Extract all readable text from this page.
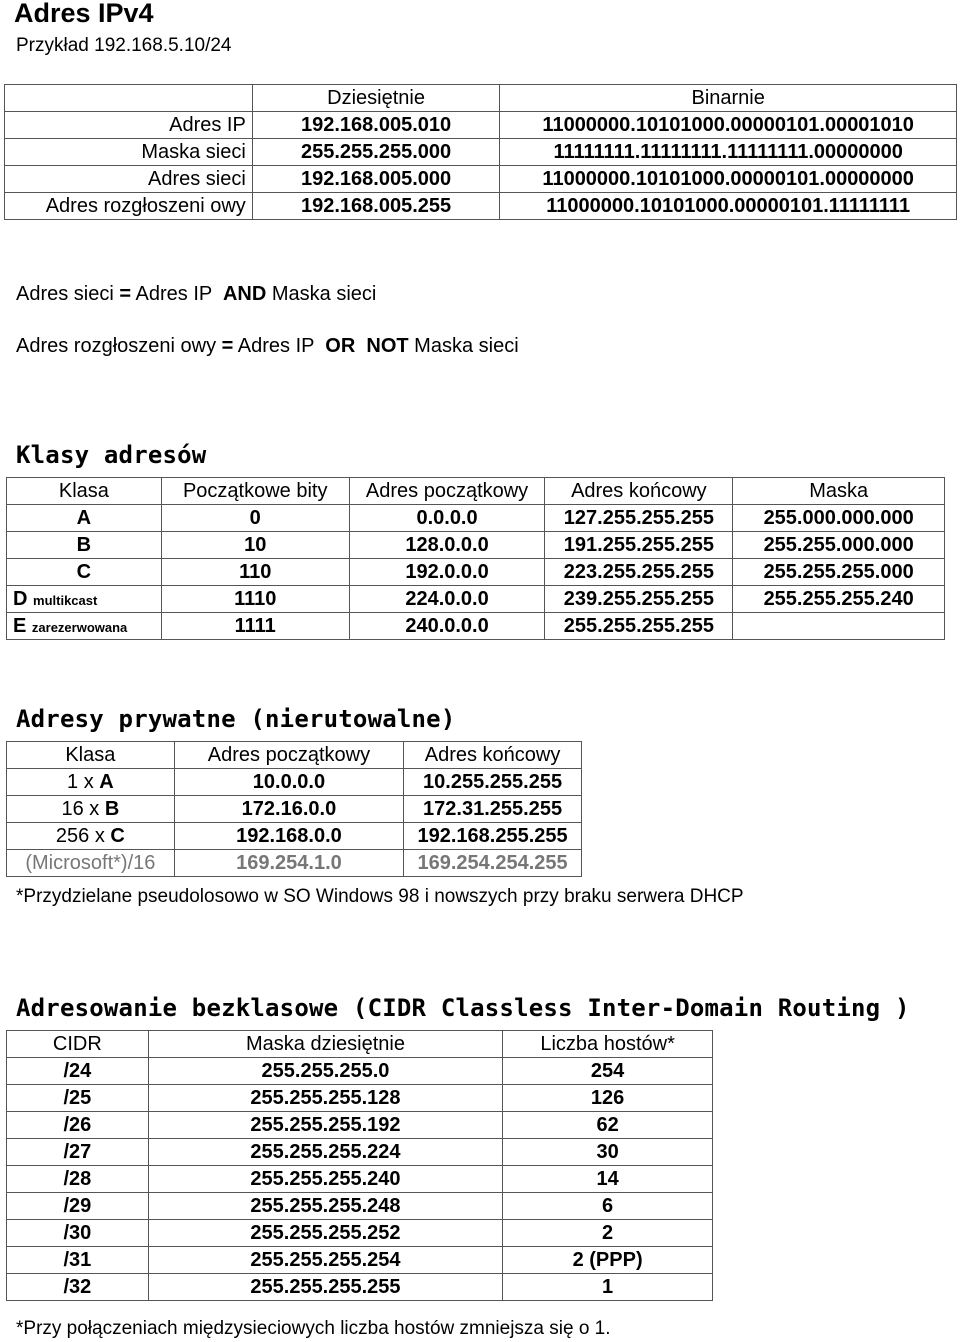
Adres IPv4
Przykład 192.168.5.10/24
	Dziesiętnie	Binarnie
Adres IP	192.168.005.010	11000000.10101000.00000101.00001010
Maska sieci	255.255.255.000	11111111.11111111.11111111.00000000
Adres sieci	192.168.005.000	11000000.10101000.00000101.00000000
Adres rozgłoszeni owy	192.168.005.255	11000000.10101000.00000101.11111111
Adres sieci = Adres IP AND Maska sieci
Adres rozgłoszeni owy = Adres IP OR NOT Maska sieci
Klasy adresów
Klasa	Początkowe bity	Adres początkowy	Adres końcowy	Maska
A	0	0.0.0.0	127.255.255.255	255.000.000.000
B	10	128.0.0.0	191.255.255.255	255.255.000.000
C	110	192.0.0.0	223.255.255.255	255.255.255.000
D multikcast	1110	224.0.0.0	239.255.255.255	255.255.255.240
E zarezerwowana	1111	240.0.0.0	255.255.255.255	
Adresy prywatne (nierutowalne)
Klasa	Adres początkowy	Adres końcowy
1 x A	10.0.0.0	10.255.255.255
16 x B	172.16.0.0	172.31.255.255
256 x C	192.168.0.0	192.168.255.255
(Microsoft*)/16	169.254.1.0	169.254.254.255
*Przydzielane pseudolosowo w SO Windows 98 i nowszych przy braku serwera DHCP
Adresowanie bezklasowe (CIDR Classless Inter-Domain Routing )
CIDR	Maska dziesiętnie	Liczba hostów*
/24	255.255.255.0	254
/25	255.255.255.128	126
/26	255.255.255.192	62
/27	255.255.255.224	30
/28	255.255.255.240	14
/29	255.255.255.248	6
/30	255.255.255.252	2
/31	255.255.255.254	2 (PPP)
/32	255.255.255.255	1
*Przy połączeniach międzysieciowych liczba hostów zmniejsza się o 1.
